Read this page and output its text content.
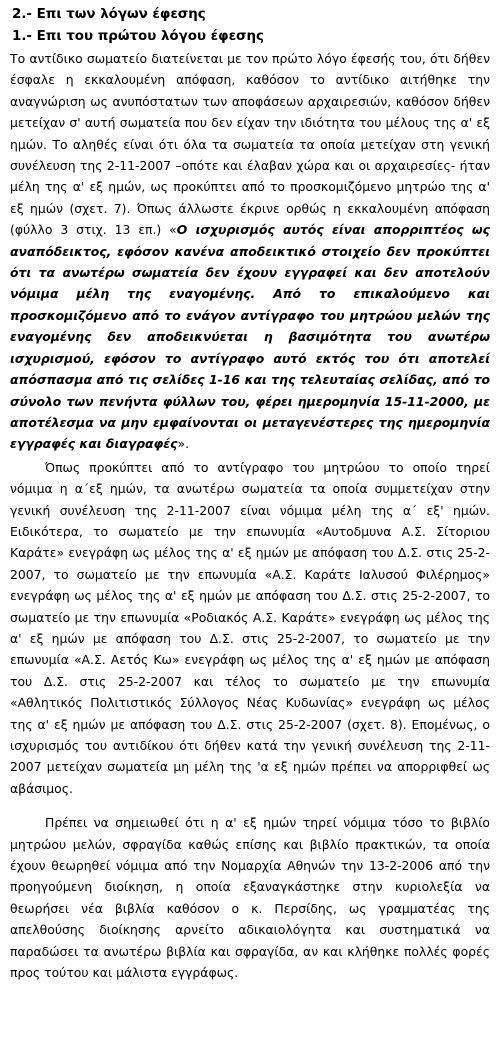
2.- Επι των λόγων έφεσης
1.- Επι του πρώτου λόγου έφεσης

Το αντίδικο σωματείο διατείνεται με τον πρώτο λόγο έφεσής του, ότι δήθεν έσφαλε η εκκαλουμένη απόφαση, καθόσον το αντίδικο αιτήθηκε την αναγνώριση ως ανυπόστατων των αποφάσεων αρχαιρεσιών, καθόσον δήθεν μετείχαν σ' αυτή σωματεία που δεν είχαν την ιδιότητα του μέλους της α' εξ ημών. Το αληθές είναι ότι όλα τα σωματεία τα οποία μετείχαν στη γενική συνέλευση της 2-11-2007 –οπότε και έλαβαν χώρα και οι αρχαιρεσίες- ήταν μέλη της α' εξ ημών, ως προκύπτει από το προσκομιζόμενο μητρώο της α' εξ ημών (σχετ. 7). Όπως άλλωστε έκρινε ορθώς η εκκαλουμένη απόφαση (φύλλο 3 στιχ. 13 επ.) «Ο ισχυρισμός αυτός είναι απορριπτέος ως αναπόδεικτος, εφόσον κανένα αποδεικτικό στοιχείο δεν προκύπτει ότι τα ανωτέρω σωματεία δεν έχουν εγγραφεί και δεν αποτελούν νόμιμα μέλη της εναγομένης. Από το επικαλούμενο και προσκομιζόμενο από το ενάγον αντίγραφο του μητρώου μελών της εναγομένης δεν αποδεικνύεται η βασιμότητα του ανωτέρω ισχυρισμού, εφόσον το αντίγραφο αυτό εκτός του ότι αποτελεί απόσπασμα από τις σελίδες 1-16 και της τελευταίας σελίδας, από το σύνολο των πενήντα φύλλων του, φέρει ημερομηνία 15-11-2000, με αποτέλεσμα να μην εμφαίνονται οι μεταγενέστερες της ημερομηνία εγγραφές και διαγραφές».

Όπως προκύπτει από το αντίγραφο του μητρώου το οποίο τηρεί νόμιμα η α΄εξ ημών, τα ανωτέρω σωματεία τα οποία συμμετείχαν στην γενική συνέλευση της 2-11-2007 είναι νόμιμα μέλη της α΄ εξ' ημών. Ειδικότερα, το σωματείο με την επωνυμία «Αυτοδμυνα Α.Σ. Σίτοριου Καράτε» ενεγράφη ως μέλος της α' εξ ημών με απόφαση του Δ.Σ. στις 25-2-2007, το σωματείο με την επωνυμία «Α.Σ. Καράτε Ιαλυσού Φιλέρημος» ενεγράφη ως μέλος της α' εξ ημών με απόφαση του Δ.Σ. στις 25-2-2007, το σωματείο με την επωνυμία «Ροδιακός Α.Σ. Καράτε» ενεγράφη ως μέλος της α' εξ ημών με απόφαση του Δ.Σ. στις 25-2-2007, το σωματείο με την επωνυμία «Α.Σ. Αετός Κω» ενεγράφη ως μέλος της α' εξ ημών με απόφαση του Δ.Σ. στις 25-2-2007 και τέλος το σωματείο με την επωνυμία «Αθλητικός Πολιτιστικός Σύλλογος Νέας Κυδωνίας» ενεγράφη ως μέλος της α' εξ ημών με απόφαση του Δ.Σ. στις 25-2-2007 (σχετ. 8). Επομένως, ο ισχυρισμός του αντιδίκου ότι δήθεν κατά την γενική συνέλευση της 2-11-2007 μετείχαν σωματεία μη μέλη της 'α εξ ημών πρέπει να απορριφθεί ως αβάσιμος.

Πρέπει να σημειωθεί ότι η α' εξ ημών τηρεί νόμιμα τόσο το βιβλίο μητρώου μελών, σφραγίδα καθώς επίσης και βιβλίο πρακτικών, τα οποία έχουν θεωρηθεί νόμιμα από την Νομαρχία Αθηνών την 13-2-2006 από την προηγούμενη διοίκηση, η οποία εξαναγκάστηκε στην κυριολεξία να θεωρήσει νέα βιβλία καθόσον ο κ. Περσίδης, ως γραμματέας της απελθούσης διοίκησης αρνείτο αδικαιολόγητα και συστηματικά να παραδώσει τα ανωτέρω βιβλία και σφραγίδα, αν και κλήθηκε πολλές φορές προς τούτου και μάλιστα εγγράφως.
